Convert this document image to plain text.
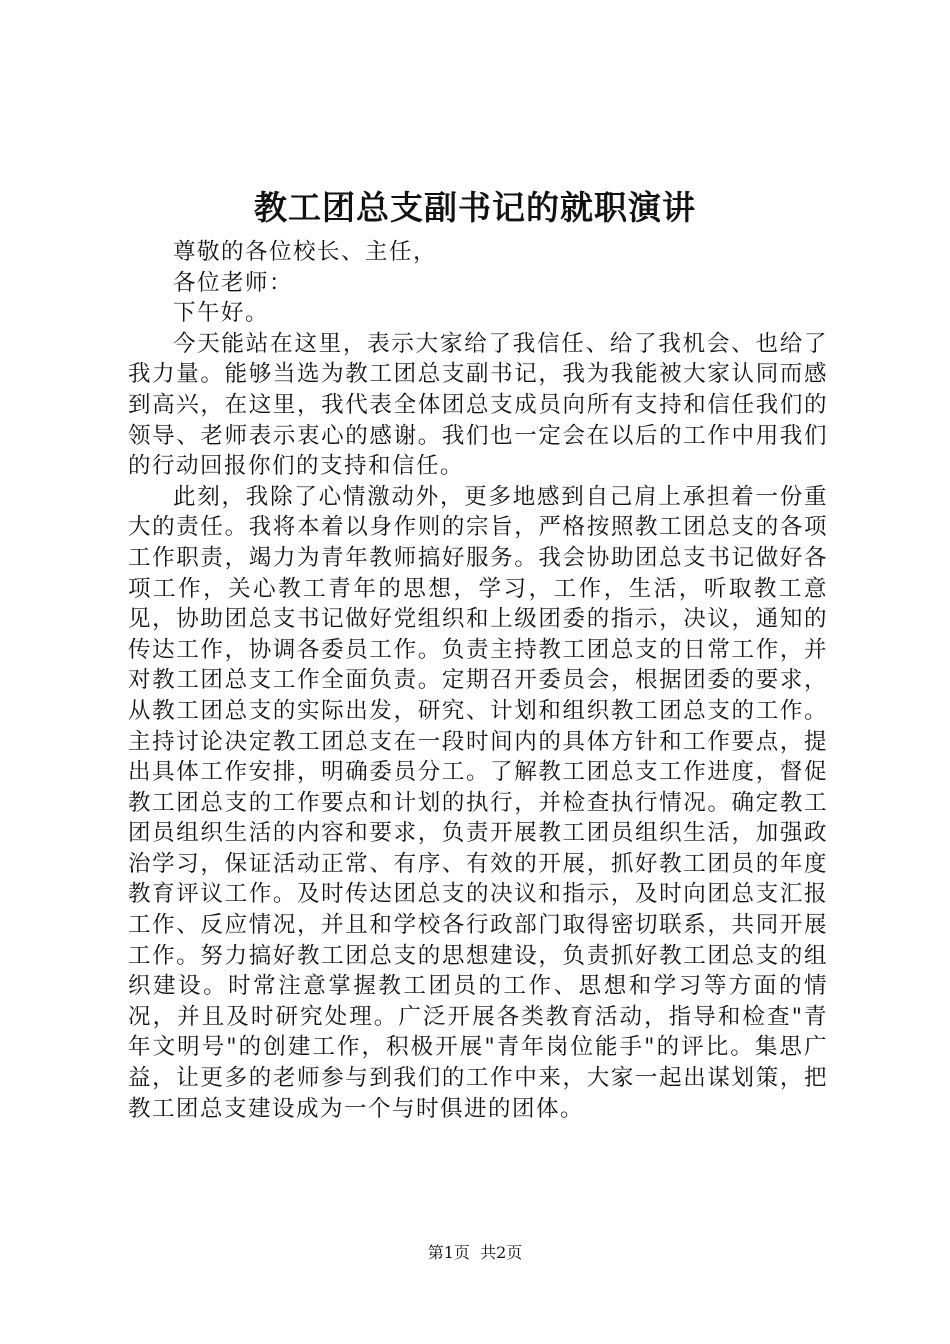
教工团总支副书记的就职演讲

尊敬的各位校长、主任，

各位老师：

下午好。

今天能站在这里，表示大家给了我信任、给了我机会、也给了我力量。能够当选为教工团总支副书记，我为我能被大家认同而感到高兴，在这里，我代表全体团总支成员向所有支持和信任我们的领导、老师表示衷心的感谢。我们也一定会在以后的工作中用我们的行动回报你们的支持和信任。

此刻，我除了心情激动外，更多地感到自己肩上承担着一份重大的责任。我将本着以身作则的宗旨，严格按照教工团总支的各项工作职责，竭力为青年教师搞好服务。我会协助团总支书记做好各项工作，关心教工青年的思想，学习，工作，生活，听取教工意见，协助团总支书记做好党组织和上级团委的指示，决议，通知的传达工作，协调各委员工作。负责主持教工团总支的日常工作，并对教工团总支工作全面负责。定期召开委员会，根据团委的要求，从教工团总支的实际出发，研究、计划和组织教工团总支的工作。主持讨论决定教工团总支在一段时间内的具体方针和工作要点，提出具体工作安排，明确委员分工。了解教工团总支工作进度，督促教工团总支的工作要点和计划的执行，并检查执行情况。确定教工团员组织生活的内容和要求，负责开展教工团员组织生活，加强政治学习，保证活动正常、有序、有效的开展，抓好教工团员的年度教育评议工作。及时传达团总支的决议和指示，及时向团总支汇报工作、反应情况，并且和学校各行政部门取得密切联系，共同开展工作。努力搞好教工团总支的思想建设，负责抓好教工团总支的组织建设。时常注意掌握教工团员的工作、思想和学习等方面的情况，并且及时研究处理。广泛开展各类教育活动，指导和检查"青年文明号"的创建工作，积极开展"青年岗位能手"的评比。集思广益，让更多的老师参与到我们的工作中来，大家一起出谋划策，把教工团总支建设成为一个与时俱进的团体。

第1页  共2页
